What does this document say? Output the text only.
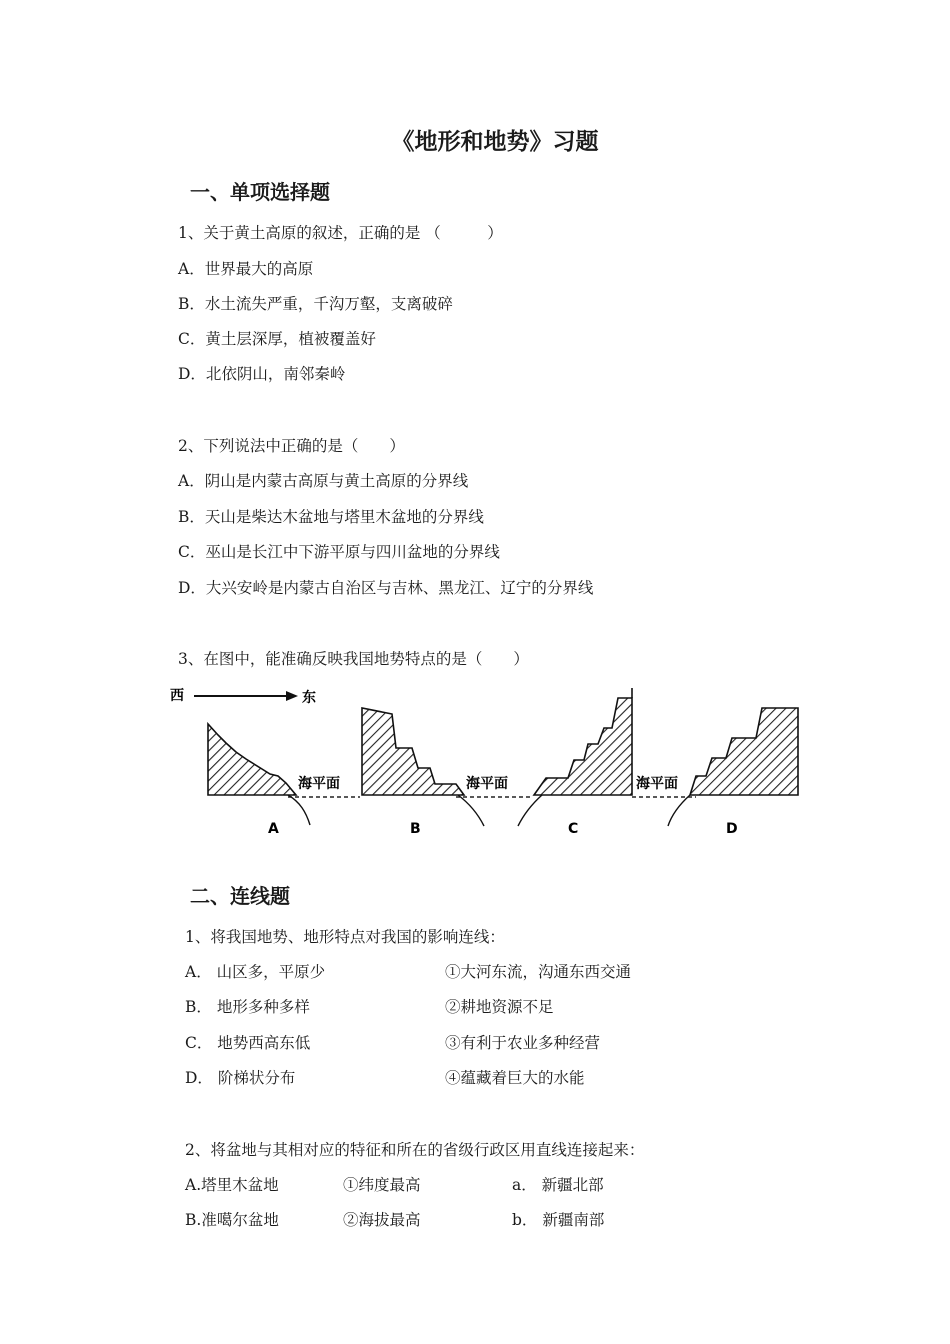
《地形和地势》习题
一、单项选择题
1、关于黄土高原的叙述，正确的是 （　　　）
A．世界最大的高原
B．水土流失严重，千沟万壑，支离破碎
C．黄土层深厚，植被覆盖好
D．北依阴山，南邻秦岭
2、下列说法中正确的是（　　）
A．阴山是内蒙古高原与黄土高原的分界线
B．天山是柴达木盆地与塔里木盆地的分界线
C．巫山是长江中下游平原与四川盆地的分界线
D．大兴安岭是内蒙古自治区与吉林、黑龙江、辽宁的分界线
3、在图中，能准确反映我国地势特点的是（　　）
西	东
海平面
A
海平面
B	C
海平面
D
二、连线题
1、将我国地势、地形特点对我国的影响连线：
A． 山区多，平原少
B． 地形多种多样
C． 地势西高东低
D． 阶梯状分布
①大河东流，沟通东西交通
②耕地资源不足
③有利于农业多种经营
④蕴藏着巨大的水能
2、将盆地与其相对应的特征和所在的省级行政区用直线连接起来：
A.塔里木盆地
B.准噶尔盆地
①纬度最高
②海拔最高
a． 新疆北部
b． 新疆南部
